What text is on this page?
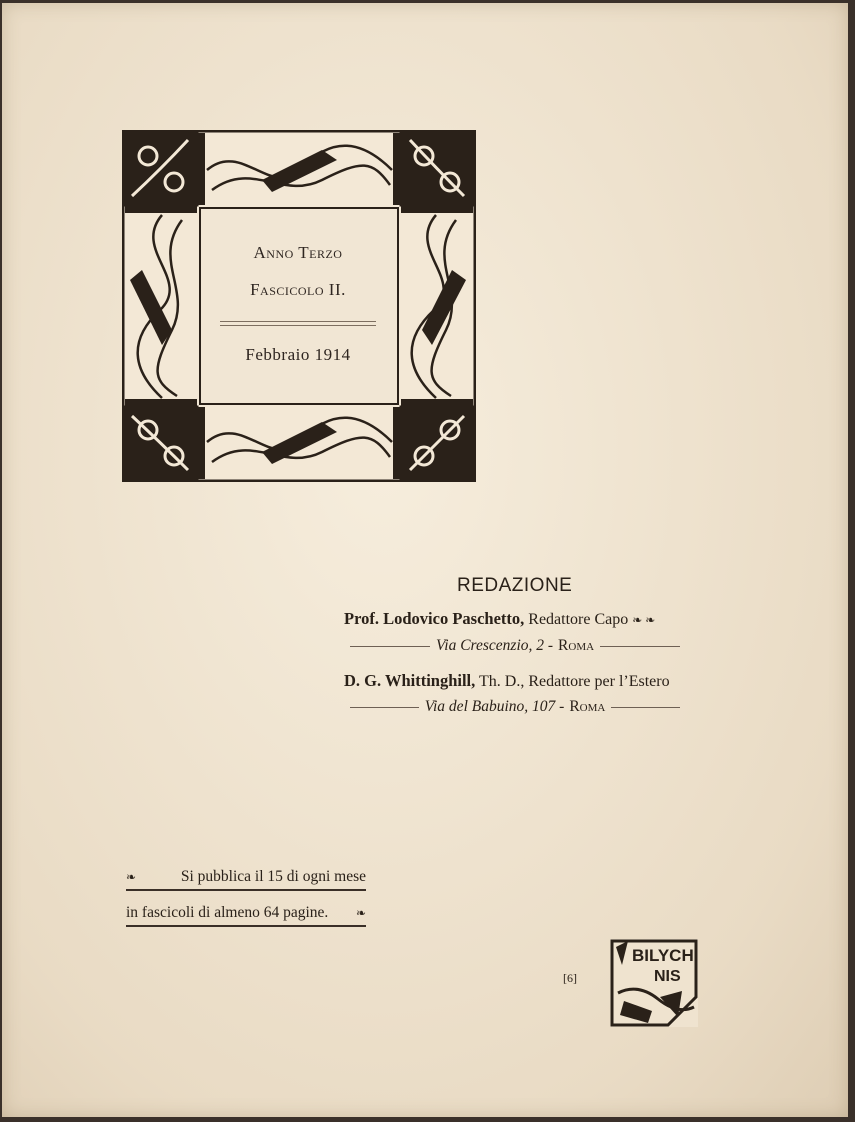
Anno Terzo
Fascicolo II.
Febbraio 1914
REDAZIONE
Prof. Lodovico Paschetto, Redattore Capo ❧ ❧
Via Crescenzio, 2 - Roma
D. G. Whittinghill, Th. D., Redattore per l’Estero
Via del Babuino, 107 - Roma
❧	Si pubblica il 15 di ogni mese
in fascicoli di almeno 64 pagine. ❧
[6]
BILYCH
NIS
